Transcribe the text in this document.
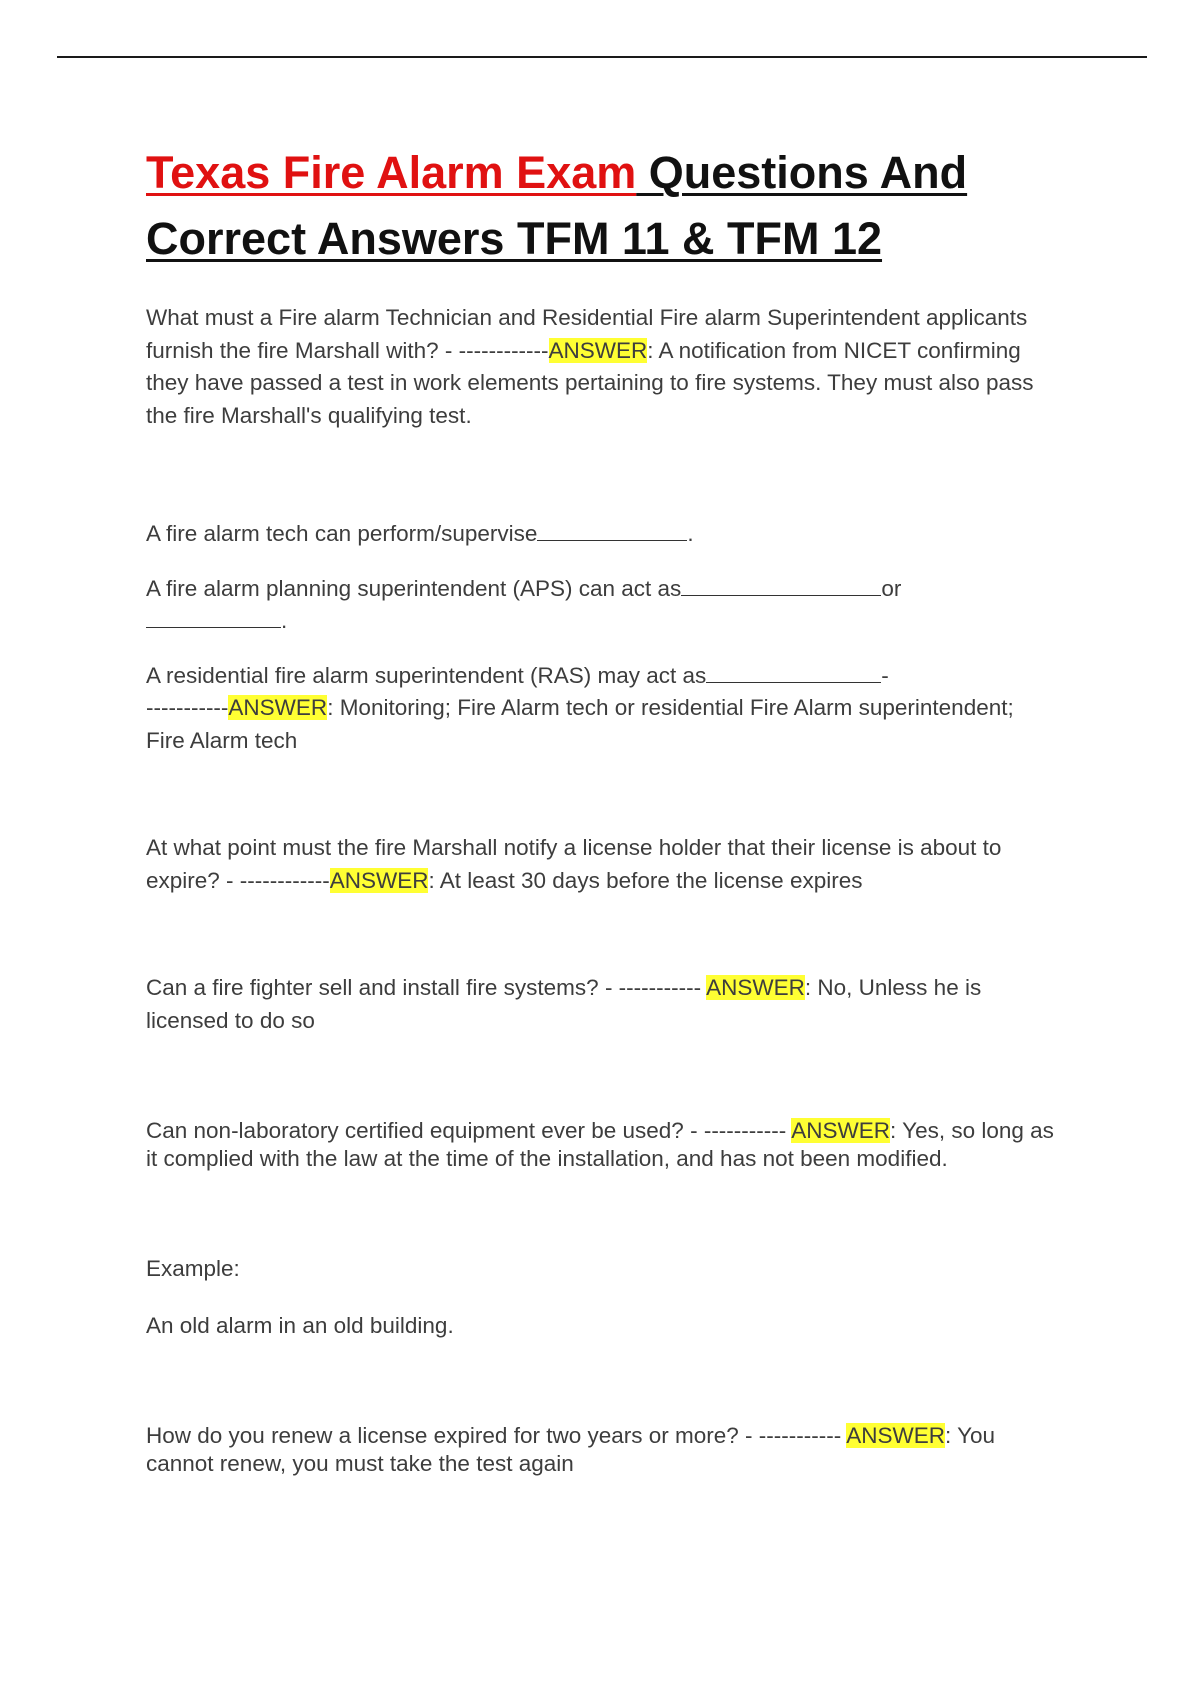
Texas Fire Alarm Exam Questions And Correct Answers TFM 11 & TFM 12

What must a Fire alarm Technician and Residential Fire alarm Superintendent applicants furnish the fire Marshall with? - ------------ANSWER: A notification from NICET confirming they have passed a test in work elements pertaining to fire systems. They must also pass the fire Marshall's qualifying test.

A fire alarm tech can perform/supervise	.

A fire alarm planning superintendent (APS) can act as	or
.

A residential fire alarm superintendent (RAS) may act as	-
-----------ANSWER: Monitoring; Fire Alarm tech or residential Fire Alarm superintendent;
Fire Alarm tech

At what point must the fire Marshall notify a license holder that their license is about to expire? - ------------ANSWER: At least 30 days before the license expires

Can a fire fighter sell and install fire systems? - ----------- ANSWER: No, Unless he is licensed to do so

Can non-laboratory certified equipment ever be used? - ----------- ANSWER: Yes, so long as it complied with the law at the time of the installation, and has not been modified.

Example:

An old alarm in an old building.

How do you renew a license expired for two years or more? - ----------- ANSWER: You cannot renew, you must take the test again
